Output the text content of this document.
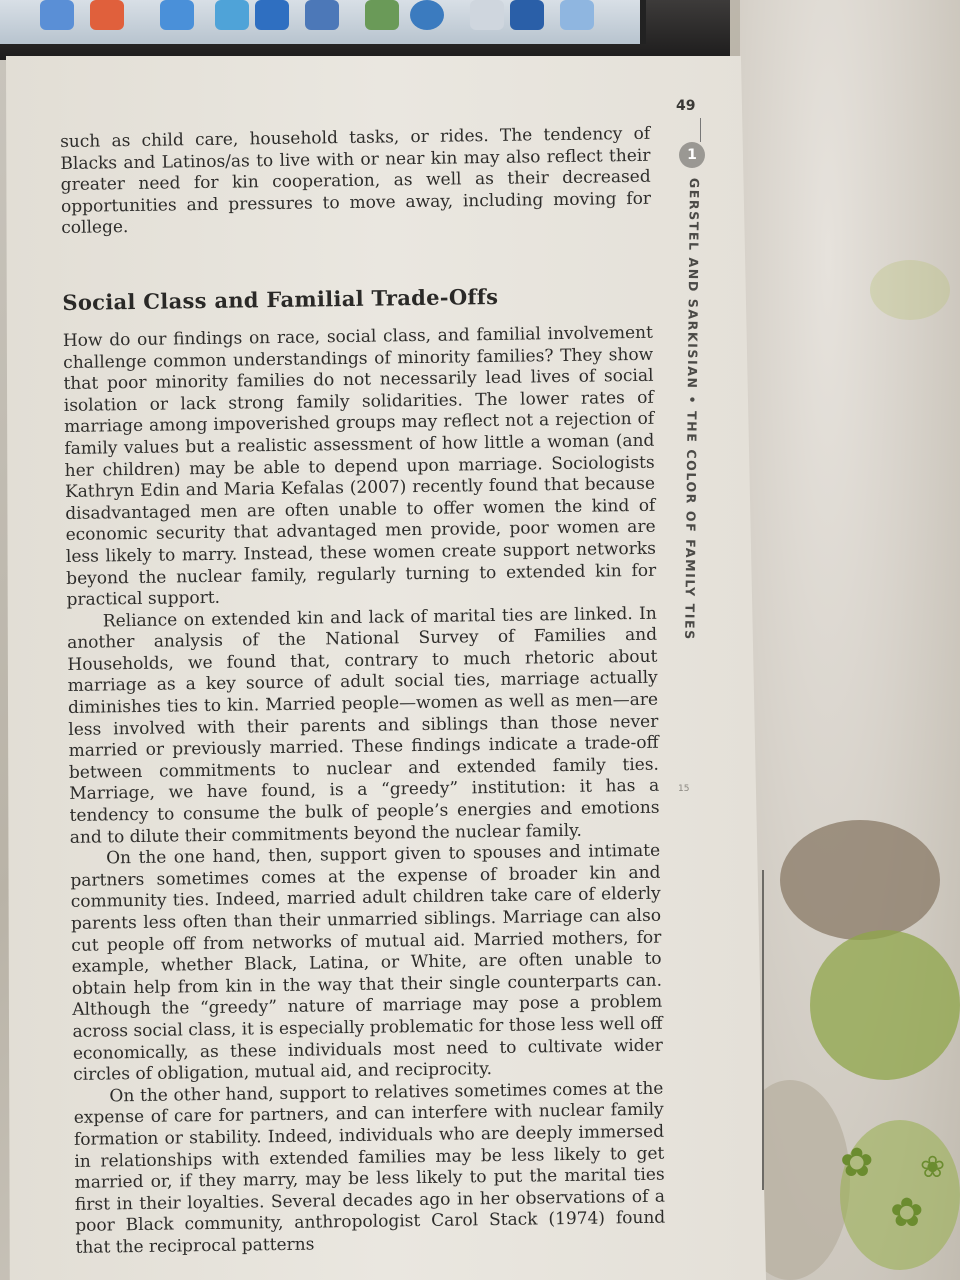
✿
✿
❀
49
1
GERSTEL AND SARKISIAN • THE COLOR OF FAMILY TIES
15

such as child care, household tasks, or rides. The tendency of Blacks and Latinos/as to live with or near kin may also reflect their greater need for kin cooperation, as well as their decreased opportunities and pressures to move away, including moving for college.

Social Class and Familial Trade-Offs

How do our findings on race, social class, and familial involvement challenge common understandings of minority families? They show that poor minority families do not necessarily lead lives of social isolation or lack strong family solidarities. The lower rates of marriage among impoverished groups may reflect not a rejection of family values but a realistic assessment of how little a woman (and her children) may be able to depend upon marriage. Sociologists Kathryn Edin and Maria Kefalas (2007) recently found that because disadvantaged men are often unable to offer women the kind of economic security that advantaged men provide, poor women are less likely to marry. Instead, these women create support networks beyond the nuclear family, regularly turning to extended kin for practical support.

Reliance on extended kin and lack of marital ties are linked. In another analysis of the National Survey of Families and Households, we found that, contrary to much rhetoric about marriage as a key source of adult social ties, marriage actually diminishes ties to kin. Married people—women as well as men—are less involved with their parents and siblings than those never married or previously married. These findings indicate a trade-off between commitments to nuclear and extended family ties. Marriage, we have found, is a “greedy” institution: it has a tendency to consume the bulk of people’s energies and emotions and to dilute their commitments beyond the nuclear family.

On the one hand, then, support given to spouses and intimate partners sometimes comes at the expense of broader kin and community ties. Indeed, married adult children take care of elderly parents less often than their unmarried siblings. Marriage can also cut people off from networks of mutual aid. Married mothers, for example, whether Black, Latina, or White, are often unable to obtain help from kin in the way that their single counterparts can. Although the “greedy” nature of marriage may pose a problem across social class, it is especially problematic for those less well off economically, as these individuals most need to cultivate wider circles of obligation, mutual aid, and reciprocity.

On the other hand, support to relatives sometimes comes at the expense of care for partners, and can interfere with nuclear family formation or stability. Indeed, individuals who are deeply immersed in relationships with extended families may be less likely to get married or, if they marry, may be less likely to put the marital ties first in their loyalties. Several decades ago in her observations of a poor Black community, anthropologist Carol Stack (1974) found that the reciprocal patterns
